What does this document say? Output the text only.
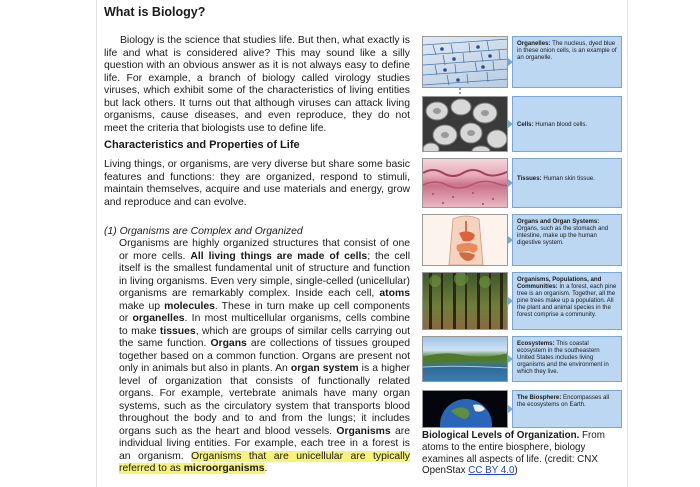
What is Biology?
Biology is the science that studies life. But then, what exactly is life and what is considered alive? This may sound like a silly question with an obvious answer as it is not always easy to define life. For example, a branch of biology called virology studies viruses, which exhibit some of the characteristics of living entities but lack others. It turns out that although viruses can attack living organisms, cause diseases, and even reproduce, they do not meet the criteria that biologists use to define life.
Characteristics and Properties of Life
Living things, or organisms, are very diverse but share some basic features and functions: they are organized, respond to stimuli, maintain themselves, acquire and use materials and energy, grow and reproduce and can evolve.
(1) Organisms are Complex and Organized
Organisms are highly organized structures that consist of one or more cells. All living things are made of cells; the cell itself is the smallest fundamental unit of structure and function in living organisms. Even very simple, single-celled (unicellular) organisms are remarkably complex. Inside each cell, atoms make up molecules. These in turn make up cell components or organelles. In most multicellular organisms, cells combine to make tissues, which are groups of similar cells carrying out the same function. Organs are collections of tissues grouped together based on a common function. Organs are present not only in animals but also in plants. An organ system is a higher level of organization that consists of functionally related organs. For example, vertebrate animals have many organ systems, such as the circulatory system that transports blood throughout the body and to and from the lungs; it includes organs such as the heart and blood vessels. Organisms are individual living entities. For example, each tree in a forest is an organism. Organisms that are unicellular are typically referred to as microorganisms.
Organelles: The nucleus, dyed blue in these onion cells, is an example of an organelle.
Cells: Human blood cells.
Tissues: Human skin tissue.
Organs and Organ Systems: Organs, such as the stomach and intestine, make up the human digestive system.
Organisms, Populations, and Communities: In a forest, each pine tree is an organism. Together, all the pine trees make up a population. All the plant and animal species in the forest comprise a community.
Ecosystems: This coastal ecosystem in the southeastern United States includes living organisms and the environment in which they live.
The Biosphere: Encompasses all the ecosystems on Earth.
Biological Levels of Organization. From atoms to the entire biosphere, biology examines all aspects of life. (credit: CNX OpenStax CC BY 4.0)
